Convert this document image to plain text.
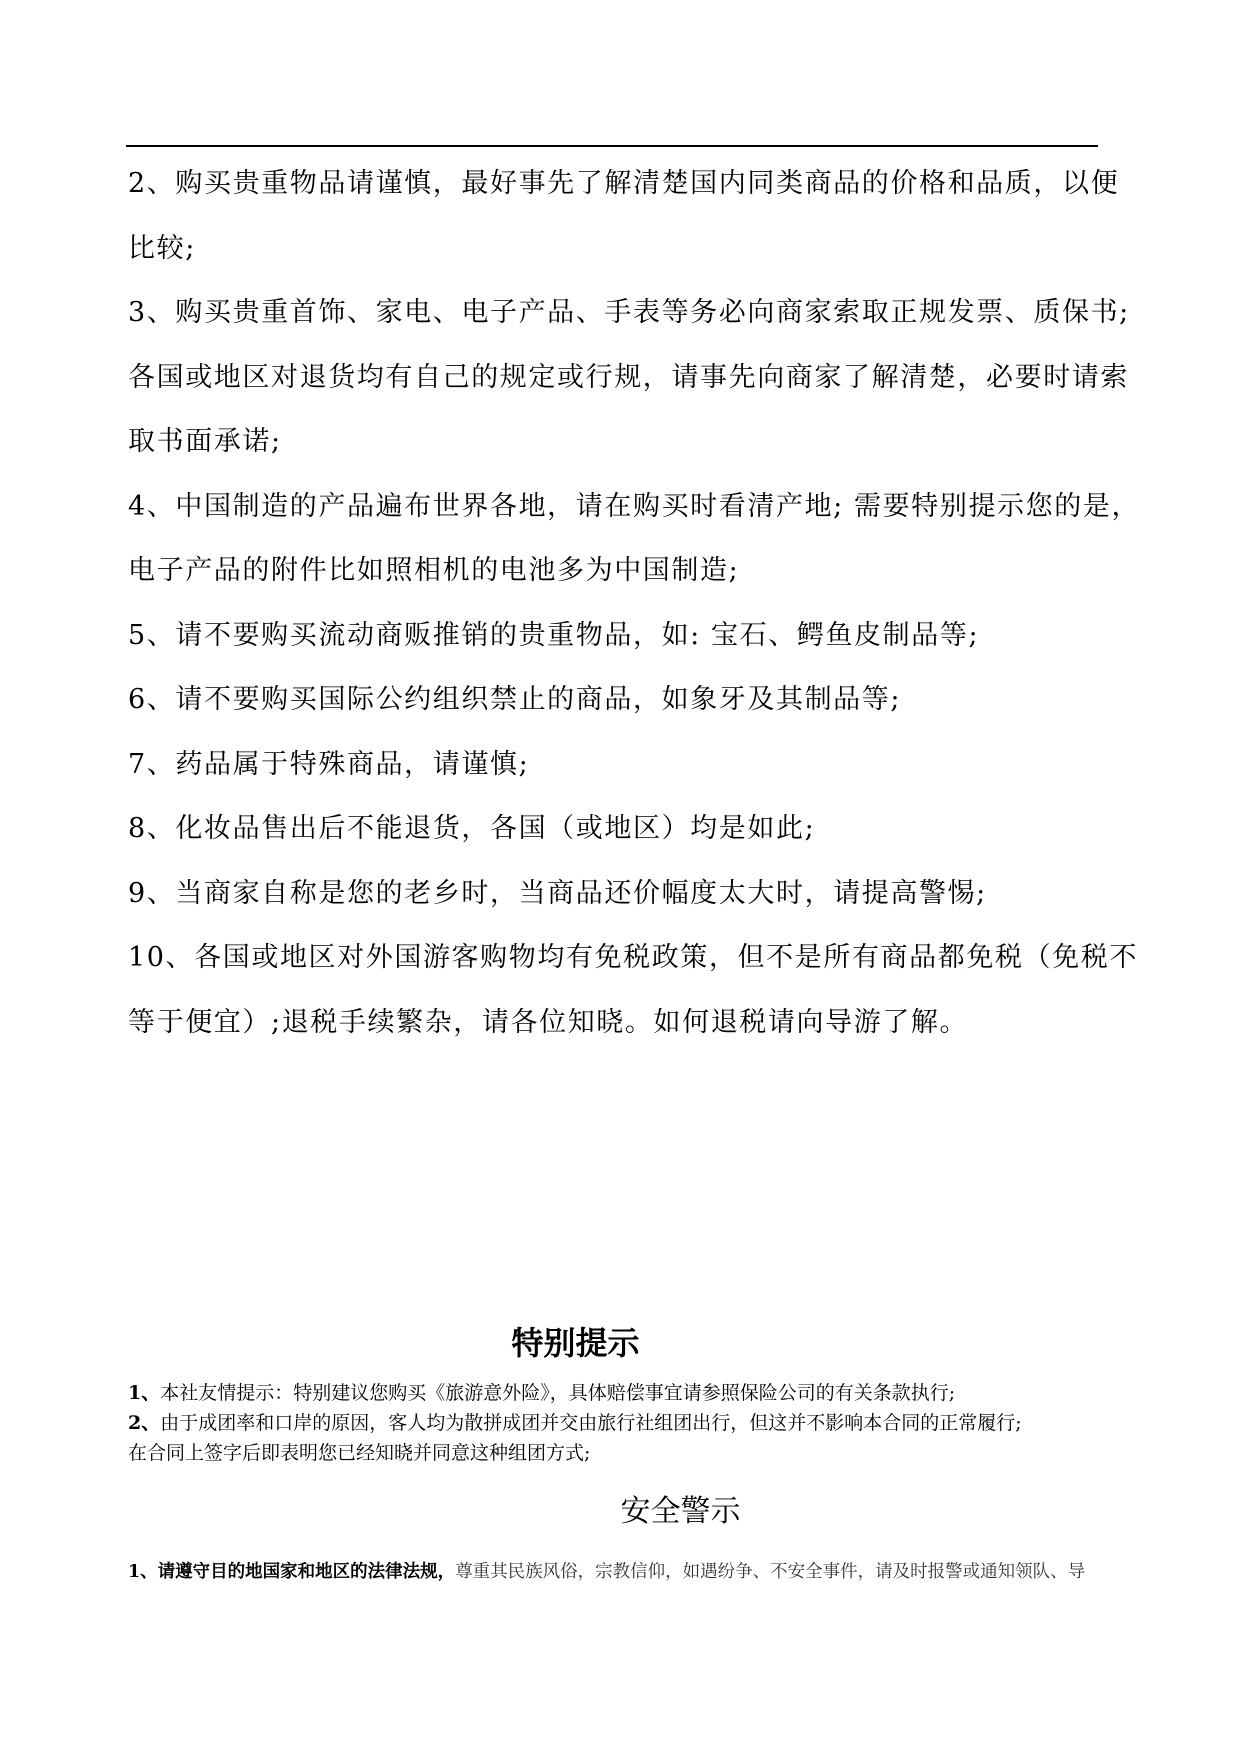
2、购买贵重物品请谨慎，最好事先了解清楚国内同类商品的价格和品质，以便
比较;

3、购买贵重首饰、家电、电子产品、手表等务必向商家索取正规发票、质保书;
各国或地区对退货均有自己的规定或行规，请事先向商家了解清楚，必要时请索
取书面承诺;

4、中国制造的产品遍布世界各地，请在购买时看清产地; 需要特别提示您的是，
电子产品的附件比如照相机的电池多为中国制造;

5、请不要购买流动商贩推销的贵重物品，如: 宝石、鳄鱼皮制品等;

6、请不要购买国际公约组织禁止的商品，如象牙及其制品等;

7、药品属于特殊商品，请谨慎;

8、化妆品售出后不能退货，各国（或地区）均是如此;

9、当商家自称是您的老乡时，当商品还价幅度太大时，请提高警惕;

10、各国或地区对外国游客购物均有免税政策，但不是所有商品都免税（免税不
等于便宜）;退税手续繁杂，请各位知晓。如何退税请向导游了解。

特别提示

1、本社友情提示：特别建议您购买《旅游意外险》，具体赔偿事宜请参照保险公司的有关条款执行;

2、由于成团率和口岸的原因，客人均为散拼成团并交由旅行社组团出行，但这并不影响本合同的正常履行;

在合同上签字后即表明您已经知晓并同意这种组团方式;

安全警示

1、请遵守目的地国家和地区的法律法规，尊重其民族风俗，宗教信仰，如遇纷争、不安全事件，请及时报警或通知领队、导
